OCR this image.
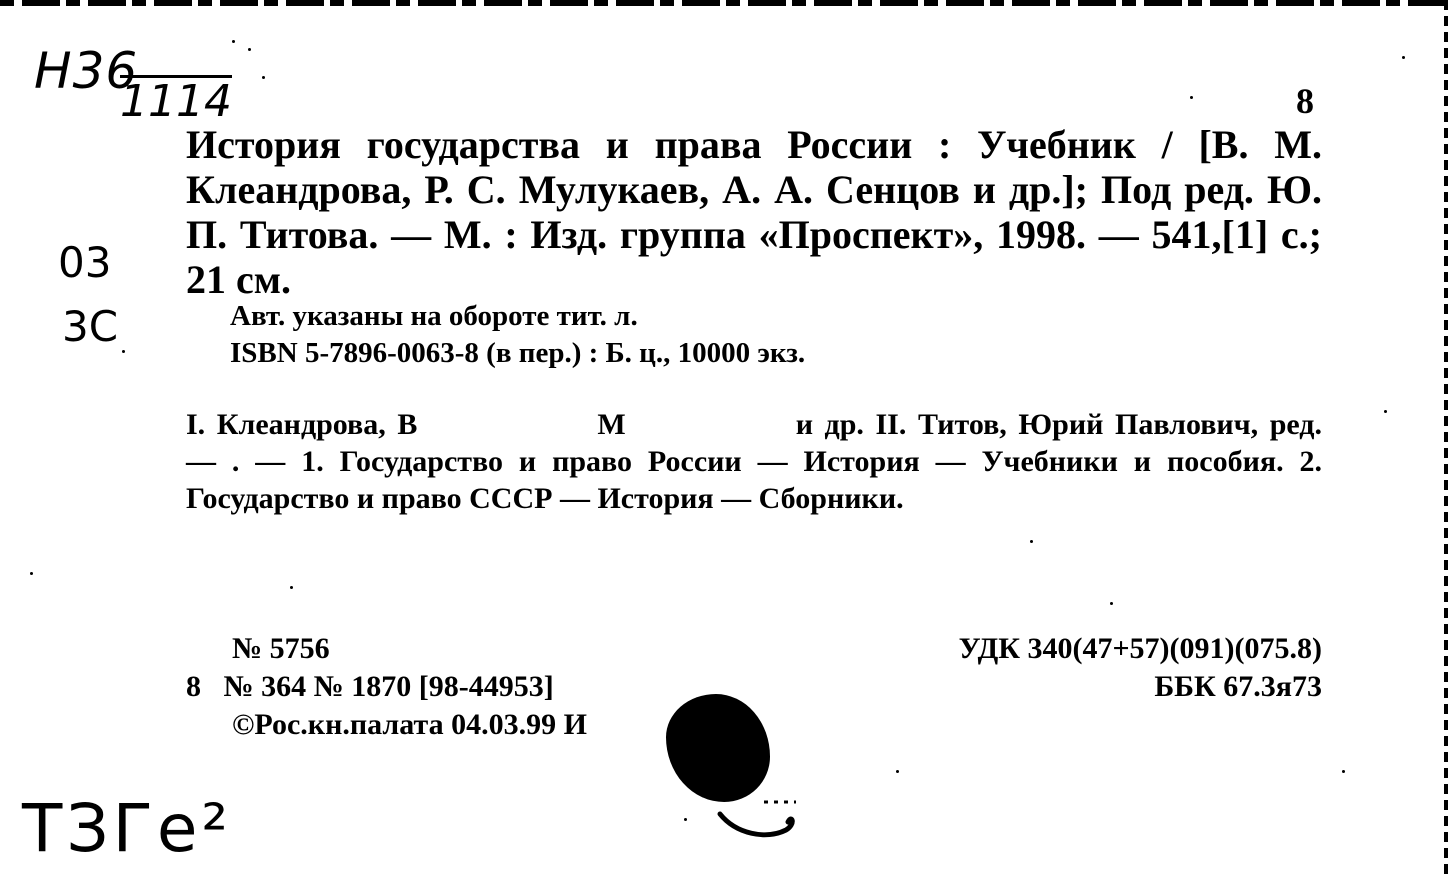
Н36
1114
03
3С
ТЗГе²
8
История государства и права России : Учебник / [В. М. Клеандрова, Р. С. Мулукаев, А. А. Сенцов и др.]; Под ред. Ю. П. Титова. — М. : Изд. группа «Проспект», 1998. — 541,[1] с.; 21 см.
Авт. указаны на обороте тит. л.
ISBN 5-7896-0063-8 (в пер.) : Б. ц., 10000 экз.
I. Клеандрова, В	М	и др. II. Титов, Юрий Павлович, ред. — . — 1. Государство и право России — История — Учебники и пособия. 2. Государство и право СССР — История — Сборники.
№ 5756
8 № 364 № 1870 [98-44953]
©Рос.кн.палата 04.03.99 И
УДК 340(47+57)(091)(075.8)
ББК 67.3я73
